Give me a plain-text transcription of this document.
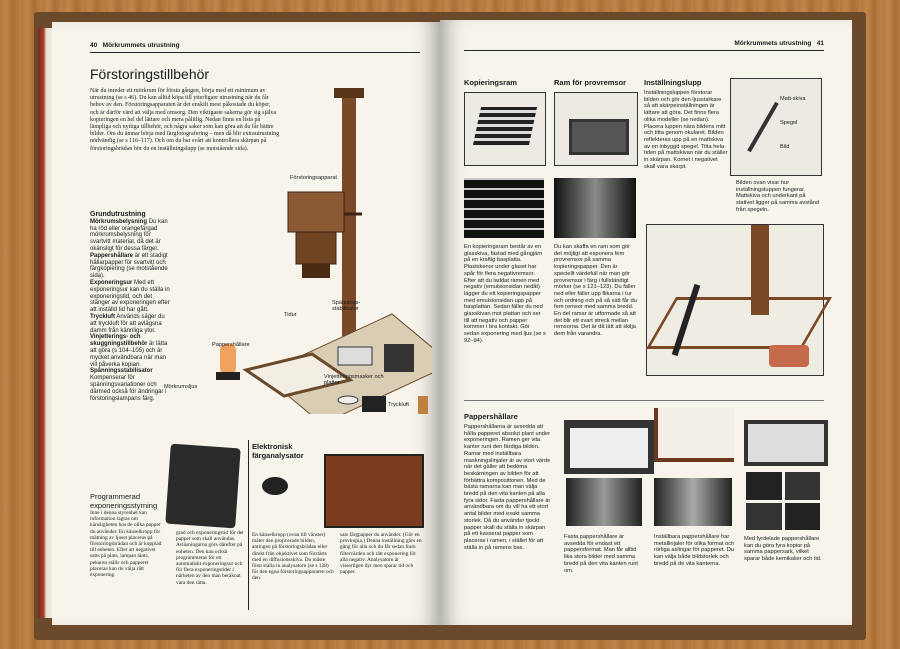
40 Mörkrummets utrustning
Förstoringstillbehör
När du inreder ett mörkrum för första gången, börja med ett minimum av utrustning (se s 46). Du kan alltid köpa till ytterligare utrustning när du får behov av den. Förstoringsapparaten är det enskilt mest påkostade du köper, och är därför värd att välja med omsorg. Den viktigaste sakerna gör sig själva kopieringen en hel del lättare och mera pålitlig. Nedan finns en lista på lämpliga och nyttiga tillbehör, och några saker som kan göra att du får bättre bilder. Om du ämnar börja med färgfotografering – men då blir extrautrustning nödvändig (se s 116–117). Och om du har svårt att kontrollera skärpan på förstoringsbrädan bör du en inställningslupp (se motstående sida).
Grundutrustning
Mörkrumsbelysning Du kan ha röd eller orangefärgad mörkrumsbelysning för svartvitt material, då det är okänsligt för dessa färger.
Pappershållare är ett stadigt hållarpapper för svartvitt och färgkopiering (se motstående sida).
Exponeringsur Med ett exponeringsur kan du ställa in exponeringstid, och det stänger av exponeringen efter att inställd tid har gått.
Tryckluft Används säger du att tryckluft för att avlägsna damm från kännliga ytor.
Vinjetterings- och skuggningstillbehör är lätta att göra (s 104–105) och är mycket användbara när man vill påverka kopian.
Spänningsstabilisator Kompenserar för spänningsvariationer och därmed också för ändringar i förstoringslampans färg.
Förstoringsapparat
Spännings-stabilisator
Tidur
Pappershållare
Mörkrumsljus
Vinjetteringsmasker och plattor
Tryckluft
Programmerad exponeringsstyrning
Inne i denna styrenhet kan information lagras om känsligheten hos de olika papper du använder. En känselkropp för mätning av ljuset placeras på förstoringsbrädan och är kopplad till enheten. Efter att negativet satts på plats, lampan tänts, pekaren ställs och papperet placeras kan du välja rätt exponering.
grad och exponeringstid för det papper som skall användas. Avläsningarna görs därefter på enheten. Den kan också programmeras för ett automatiskt exponeringsur och för flera exponeringstider i närheten av den man beräknat vara den rätta.
Elektronisk färganalysator
En känselkropp (ovan till vänster) mäter den projicerade bilden, antingen på förstoringsbrädan eller direkt från objektivet som förstärts med en diffusionsskiva. Du måste först ställa in analysatorn (se s 128) för den egna förstoringsapparaten och den
sats färgpapper du använder. (Gör en provkopia.) Denna inställning görs en gång för alla och du får sedan fram filtervärden och rätt exponering för alla negativ. Analysatorn är visserligen dyr men sparar tid och papper.
Mörkrummets utrustning 41
Kopieringsram
En kopieringsram består av en glasskiva, fästad med gångjärn på en kraftig basplatta. Plastskenor under glaset har spår för flera negativremsor. Efter att du laddat ramen med negativ (emulsionsidan nedåt) lägger du ett kopieringspapper med emulsionsidan upp på basplattan. Sedan fäller du ned glasskivan mot plattan och ser till att negativ och papper kommer i bra kontakt. Gör sedan exponering med ljus (se s 92–94).
Ram för provremsor
Du kan skaffa en ram som gör det möjligt att exponera fem provremsor på samma kopieringspapper. Den är speciellt värdefull när man gör provremsor i färg i fullständigt mörker (se s 121–123). Du fäller ned eller fäller upp flikarna i tur och ordning och på så sätt får du fem remsor med samma bredd. En del ramar är utformade så att det blir ett svart streck mellan remsorna. Det är då lätt att skilja dem från varandra.
Inställningslupp
Inställningsluppen förstorar bilden och gör den ljusstarkare så att skärpeinställningen är lättare att göra. Det finns flera olika modeller (se nedan). Placera luppen nära bildens mitt och titta genom okularet. Bilden reflekteras upp på en mattskiva av en inbyggd spegel. Titta hela tiden på mattskivan när du ställer in skärpan. Kornet i negativet skall vara skarpt.
Matt-skiva
Spegel
Bild
Bilden ovan visar hur inställningsluppen fungerar. Mattskiva och underkant på stativet ligger på samma avstånd från spegeln.
Pappershållare
Pappershållarna är avsedda att hålla papperet absolut plant under exponeringen. Ramen ger vita kanter runt den färdiga bilden. Ramar med inställbara maskningslinjaler är av stort värde när det gäller att bedöma beskärningen av bilden för att förbättra kompositionen. Med de bästa ramarna kan man välja bredd på den vita kanten på alla fyra sidor. Fasta pappershållare är användbara om du vill ha ett stort antal bilder med exakt samma storlek. Då du använder tjockt papper skall du ställa in skärpan på ett kasserat papper som placeras i ramen, i stället för att ställa in på ramens bas.
Fasta pappershållare är avsedda för endast ett pappersformat. Man får alltid lika stora bilder med samma bredd på den vita kanten runt om.
Inställbara pappershållare har metallinjaler för olika format och rörliga axlingar för papperet. Du kan välja både bildstorlek och bredd på de vita kanterna.
Med fyrdelade pappershållare kan du göra fyra kopior på samma pappersark, vilket sparar både kemikalier och tid.
